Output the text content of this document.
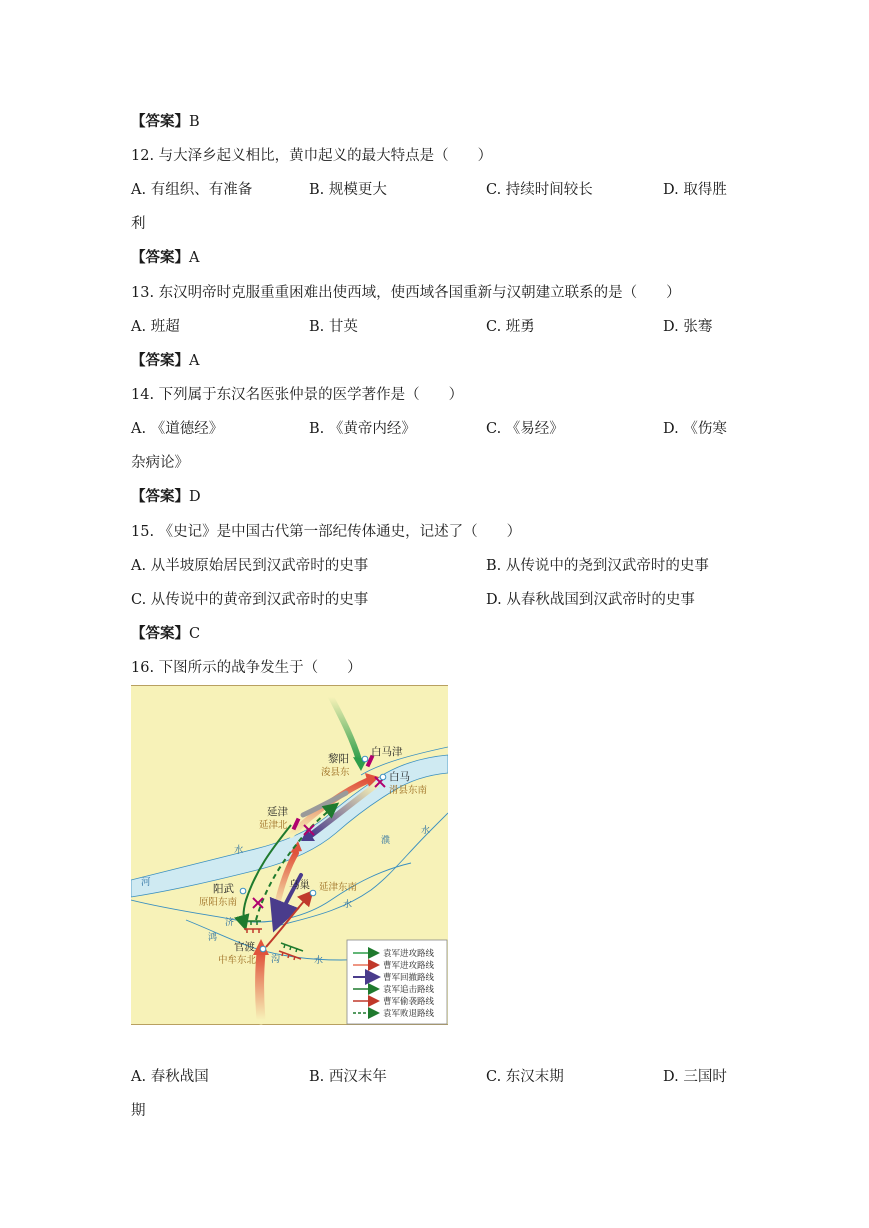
【答案】B
12. 与大泽乡起义相比，黄巾起义的最大特点是（　　）
A. 有组织、有准备	B. 规模更大	C. 持续时间较长	D. 取得胜
利
【答案】A
13. 东汉明帝时克服重重困难出使西域，使西域各国重新与汉朝建立联系的是（　　）
A. 班超	B. 甘英	C. 班勇	D. 张骞
【答案】A
14. 下列属于东汉名医张仲景的医学著作是（　　）
A. 《道德经》	B. 《黄帝内经》	C. 《易经》	D. 《伤寒
杂病论》
【答案】D
15. 《史记》是中国古代第一部纪传体通史，记述了（　　）
A. 从半坡原始居民到汉武帝时的史事	B. 从传说中的尧到汉武帝时的史事
C. 从传说中的黄帝到汉武帝时的史事	D. 从春秋战国到汉武帝时的史事
【答案】C
16. 下图所示的战争发生于（　　）
黎阳
浚县东
白马津
白马
滑县东南
延津
延津北
阳武
原阳东南
乌巢 延津东南
官渡
中牟东北
河
水
濮
水
济
水
鸿
沟	水
袁军进攻路线
曹军进攻路线
曹军回撤路线
袁军追击路线
曹军偷袭路线
袁军败退路线
A. 春秋战国	B. 西汉末年	C. 东汉末期	D. 三国时
期
